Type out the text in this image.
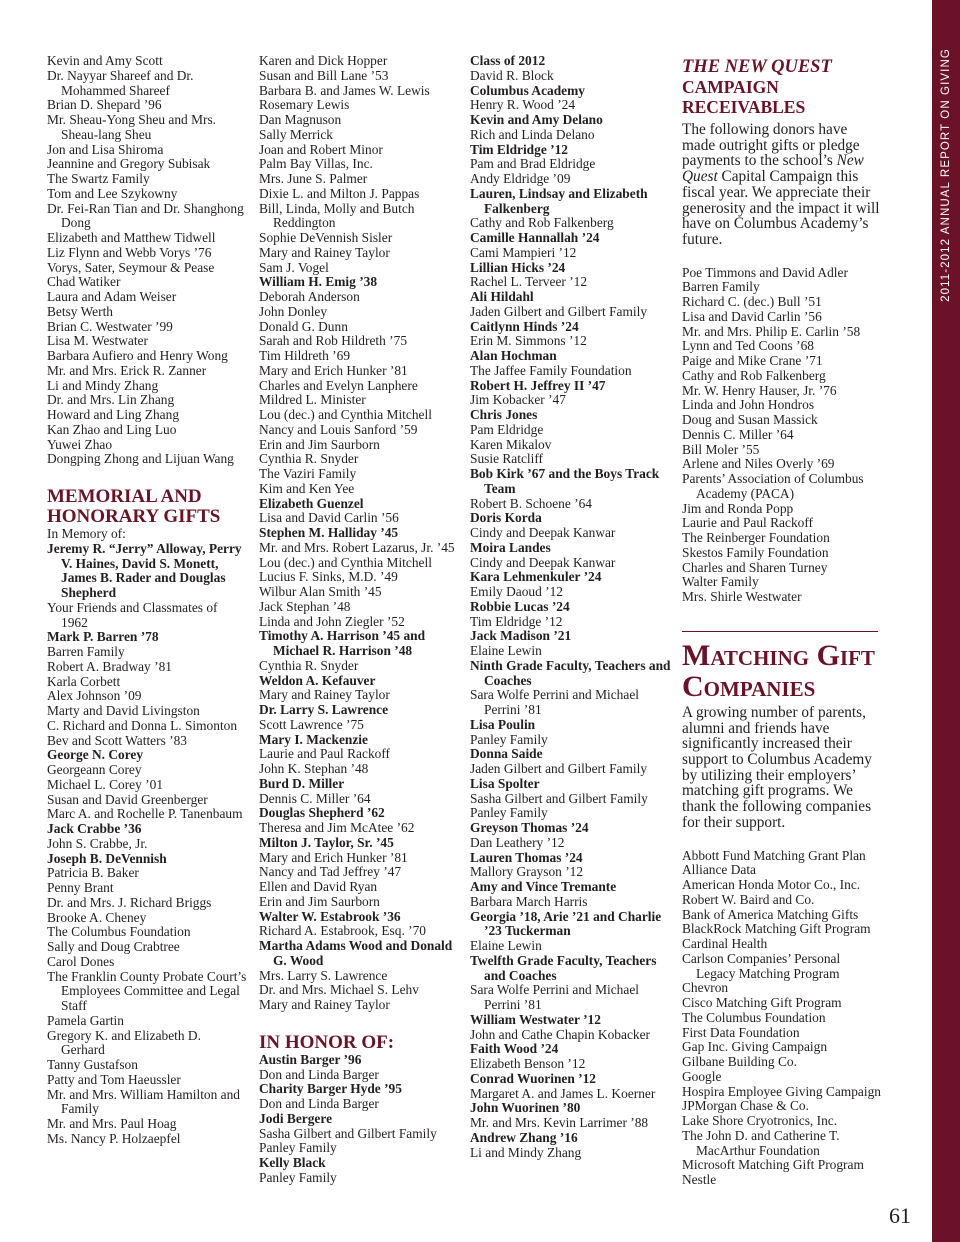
2011-2012 ANNUAL REPORT ON GIVING
Kevin and Amy Scott
Dr. Nayyar Shareef and Dr. Mohammed Shareef
Brian D. Shepard ’96
Mr. Sheau-Yong Sheu and Mrs. Sheau-lang Sheu
Jon and Lisa Shiroma
Jeannine and Gregory Subisak
The Swartz Family
Tom and Lee Szykowny
Dr. Fei-Ran Tian and Dr. Shanghong Dong
Elizabeth and Matthew Tidwell
Liz Flynn and Webb Vorys ’76
Vorys, Sater, Seymour & Pease
Chad Watiker
Laura and Adam Weiser
Betsy Werth
Brian C. Westwater ’99
Lisa M. Westwater
Barbara Aufiero and Henry Wong
Mr. and Mrs. Erick R. Zanner
Li and Mindy Zhang
Dr. and Mrs. Lin Zhang
Howard and Ling Zhang
Kan Zhao and Ling Luo
Yuwei Zhao
Dongping Zhong and Lijuan Wang
MEMORIAL AND HONORARY GIFTS
In Memory of:
Jeremy R. “Jerry” Alloway, Perry V. Haines, David S. Monett, James B. Rader and Douglas Shepherd
Your Friends and Classmates of 1962
Mark P. Barren ’78
Barren Family
Robert A. Bradway ’81
Karla Corbett
Alex Johnson ’09
Marty and David Livingston
C. Richard and Donna L. Simonton
Bev and Scott Watters ’83
George N. Corey
Georgeann Corey
Michael L. Corey ’01
Susan and David Greenberger
Marc A. and Rochelle P. Tanenbaum
Jack Crabbe ’36
John S. Crabbe, Jr.
Joseph B. DeVennish
Patricia B. Baker
Penny Brant
Dr. and Mrs. J. Richard Briggs
Brooke A. Cheney
The Columbus Foundation
Sally and Doug Crabtree
Carol Dones
The Franklin County Probate Court’s Employees Committee and Legal Staff
Pamela Gartin
Gregory K. and Elizabeth D. Gerhard
Tanny Gustafson
Patty and Tom Haeussler
Mr. and Mrs. William Hamilton and Family
Mr. and Mrs. Paul Hoag
Ms. Nancy P. Holzaepfel
Karen and Dick Hopper
Susan and Bill Lane ’53
Barbara B. and James W. Lewis
Rosemary Lewis
Dan Magnuson
Sally Merrick
Joan and Robert Minor
Palm Bay Villas, Inc.
Mrs. June S. Palmer
Dixie L. and Milton J. Pappas
Bill, Linda, Molly and Butch Reddington
Sophie DeVennish Sisler
Mary and Rainey Taylor
Sam J. Vogel
William H. Emig ’38
Deborah Anderson
John Donley
Donald G. Dunn
Sarah and Rob Hildreth ’75
Tim Hildreth ’69
Mary and Erich Hunker ’81
Charles and Evelyn Lanphere
Mildred L. Minister
Lou (dec.) and Cynthia Mitchell
Nancy and Louis Sanford ’59
Erin and Jim Saurborn
Cynthia R. Snyder
The Vaziri Family
Kim and Ken Yee
Elizabeth Guenzel
Lisa and David Carlin ’56
Stephen M. Halliday ’45
Mr. and Mrs. Robert Lazarus, Jr. ’45
Lou (dec.) and Cynthia Mitchell
Lucius F. Sinks, M.D. ’49
Wilbur Alan Smith ’45
Jack Stephan ’48
Linda and John Ziegler ’52
Timothy A. Harrison ’45 and Michael R. Harrison ’48
Cynthia R. Snyder
Weldon A. Kefauver
Mary and Rainey Taylor
Dr. Larry S. Lawrence
Scott Lawrence ’75
Mary I. Mackenzie
Laurie and Paul Rackoff
John K. Stephan ’48
Burd D. Miller
Dennis C. Miller ’64
Douglas Shepherd ’62
Theresa and Jim McAtee ’62
Milton J. Taylor, Sr. ’45
Mary and Erich Hunker ’81
Nancy and Tad Jeffrey ’47
Ellen and David Ryan
Erin and Jim Saurborn
Walter W. Estabrook ’36
Richard A. Estabrook, Esq. ’70
Martha Adams Wood and Donald G. Wood
Mrs. Larry S. Lawrence
Dr. and Mrs. Michael S. Lehv
Mary and Rainey Taylor
IN HONOR OF:
Austin Barger ’96
Don and Linda Barger
Charity Barger Hyde ’95
Don and Linda Barger
Jodi Bergere
Sasha Gilbert and Gilbert Family
Panley Family
Kelly Black
Panley Family
Class of 2012
David R. Block
Columbus Academy
Henry R. Wood ’24
Kevin and Amy Delano
Rich and Linda Delano
Tim Eldridge ’12
Pam and Brad Eldridge
Andy Eldridge ’09
Lauren, Lindsay and Elizabeth Falkenberg
Cathy and Rob Falkenberg
Camille Hannallah ’24
Cami Mampieri ’12
Lillian Hicks ’24
Rachel L. Terveer ’12
Ali Hildahl
Jaden Gilbert and Gilbert Family
Caitlynn Hinds ’24
Erin M. Simmons ’12
Alan Hochman
The Jaffee Family Foundation
Robert H. Jeffrey II ’47
Jim Kobacker ’47
Chris Jones
Pam Eldridge
Karen Mikalov
Susie Ratcliff
Bob Kirk ’67 and the Boys Track Team
Robert B. Schoene ’64
Doris Korda
Cindy and Deepak Kanwar
Moira Landes
Cindy and Deepak Kanwar
Kara Lehmenkuler ’24
Emily Daoud ’12
Robbie Lucas ’24
Tim Eldridge ’12
Jack Madison ’21
Elaine Lewin
Ninth Grade Faculty, Teachers and Coaches
Sara Wolfe Perrini and Michael Perrini ’81
Lisa Poulin
Panley Family
Donna Saide
Jaden Gilbert and Gilbert Family
Lisa Spolter
Sasha Gilbert and Gilbert Family
Panley Family
Greyson Thomas ’24
Dan Leathery ’12
Lauren Thomas ’24
Mallory Grayson ’12
Amy and Vince Tremante
Barbara March Harris
Georgia ’18, Arie ’21 and Charlie ’23 Tuckerman
Elaine Lewin
Twelfth Grade Faculty, Teachers and Coaches
Sara Wolfe Perrini and Michael Perrini ’81
William Westwater ’12
John and Cathe Chapin Kobacker
Faith Wood ’24
Elizabeth Benson ’12
Conrad Wuorinen ’12
Margaret A. and James L. Koerner
John Wuorinen ’80
Mr. and Mrs. Kevin Larrimer ’88
Andrew Zhang ’16
Li and Mindy Zhang
THE NEW QUEST
CAMPAIGN RECEIVABLES
The following donors have made outright gifts or pledge payments to the school’s New Quest Capital Campaign this fiscal year. We appreciate their generosity and the impact it will have on Columbus Academy’s future.
Poe Timmons and David Adler
Barren Family
Richard C. (dec.) Bull ’51
Lisa and David Carlin ’56
Mr. and Mrs. Philip E. Carlin ’58
Lynn and Ted Coons ’68
Paige and Mike Crane ’71
Cathy and Rob Falkenberg
Mr. W. Henry Hauser, Jr. ’76
Linda and John Hondros
Doug and Susan Massick
Dennis C. Miller ’64
Bill Moler ’55
Arlene and Niles Overly ’69
Parents’ Association of Columbus Academy (PACA)
Jim and Ronda Popp
Laurie and Paul Rackoff
The Reinberger Foundation
Skestos Family Foundation
Charles and Sharen Turney
Walter Family
Mrs. Shirle Westwater
Matching Gift Companies
A growing number of parents, alumni and friends have significantly increased their support to Columbus Academy by utilizing their employers’ matching gift programs. We thank the following companies for their support.
Abbott Fund Matching Grant Plan
Alliance Data
American Honda Motor Co., Inc.
Robert W. Baird and Co.
Bank of America Matching Gifts
BlackRock Matching Gift Program
Cardinal Health
Carlson Companies’ Personal Legacy Matching Program
Chevron
Cisco Matching Gift Program
The Columbus Foundation
First Data Foundation
Gap Inc. Giving Campaign
Gilbane Building Co.
Google
Hospira Employee Giving Campaign
JPMorgan Chase & Co.
Lake Shore Cryotronics, Inc.
The John D. and Catherine T. MacArthur Foundation
Microsoft Matching Gift Program
Nestle
61
